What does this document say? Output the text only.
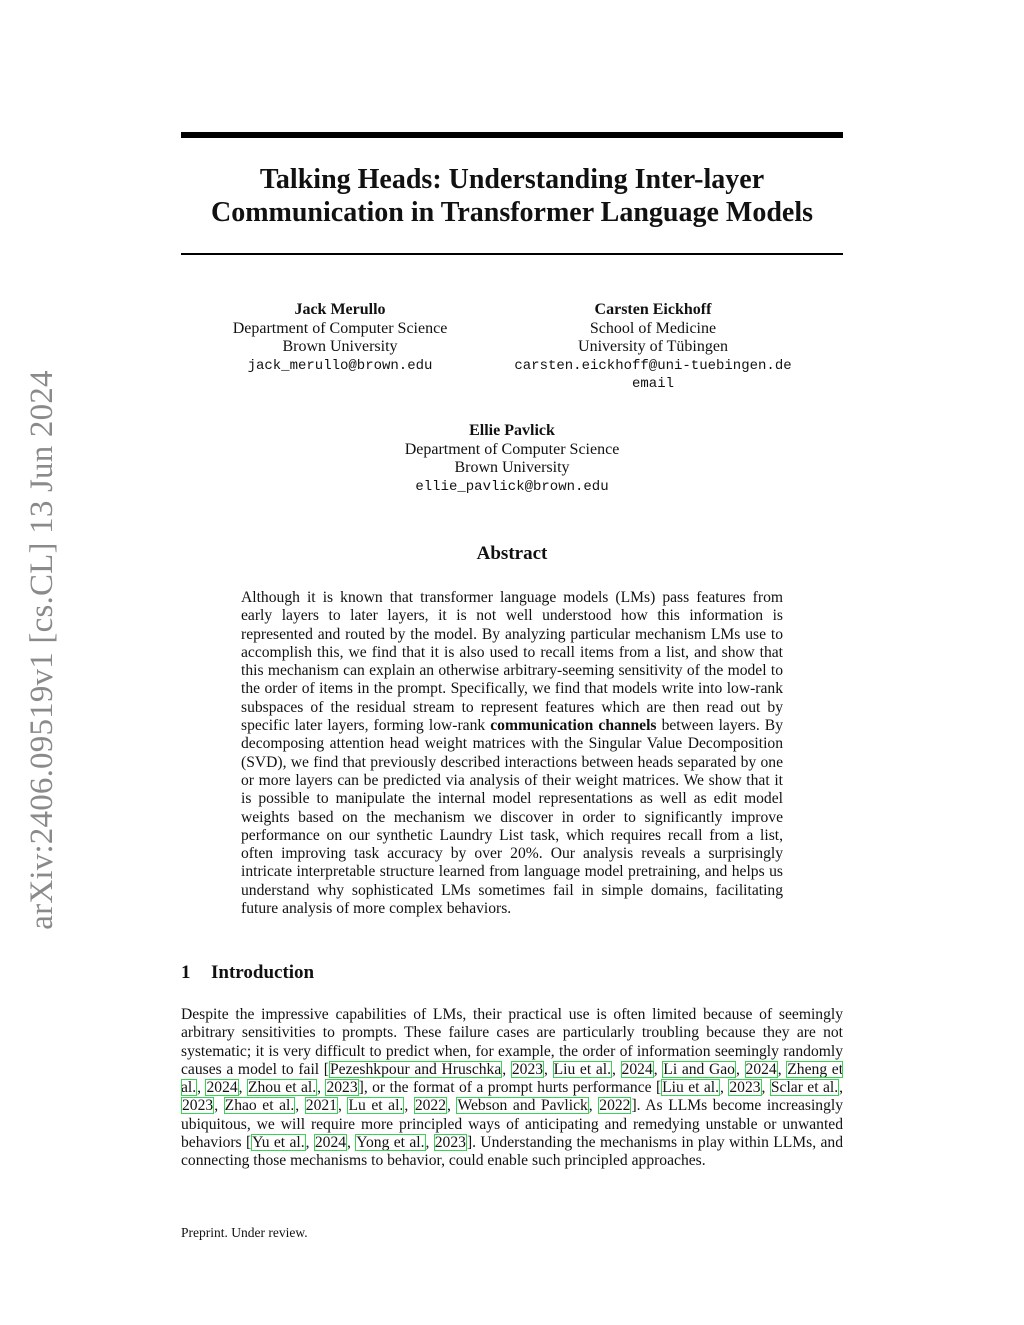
arXiv:2406.09519v1 [cs.CL] 13 Jun 2024
Talking Heads: Understanding Inter-layer
Communication in Transformer Language Models
Jack Merullo
Department of Computer Science
Brown University
jack_merullo@brown.edu
Carsten Eickhoff
School of Medicine
University of Tübingen
carsten.eickhoff@uni-tuebingen.de
email
Ellie Pavlick
Department of Computer Science
Brown University
ellie_pavlick@brown.edu
Abstract
Although it is known that transformer language models (LMs) pass features from early layers to later layers, it is not well understood how this information is represented and routed by the model. By analyzing particular mechanism LMs use to accomplish this, we find that it is also used to recall items from a list, and show that this mechanism can explain an otherwise arbitrary-seeming sensitivity of the model to the order of items in the prompt. Specifically, we find that models write into low-rank subspaces of the residual stream to represent features which are then read out by specific later layers, forming low-rank communication channels between layers. By decomposing attention head weight matrices with the Singular Value Decomposition (SVD), we find that previously described interactions between heads separated by one or more layers can be predicted via analysis of their weight matrices. We show that it is possible to manipulate the internal model representations as well as edit model weights based on the mechanism we discover in order to significantly improve performance on our synthetic Laundry List task, which requires recall from a list, often improving task accuracy by over 20%. Our analysis reveals a surprisingly intricate interpretable structure learned from language model pretraining, and helps us understand why sophisticated LMs sometimes fail in simple domains, facilitating future analysis of more complex behaviors.
1 Introduction
Despite the impressive capabilities of LMs, their practical use is often limited because of seemingly arbitrary sensitivities to prompts. These failure cases are particularly troubling because they are not systematic; it is very difficult to predict when, for example, the order of information seemingly randomly causes a model to fail [Pezeshkpour and Hruschka, 2023, Liu et al., 2024, Li and Gao, 2024, Zheng et al., 2024, Zhou et al., 2023], or the format of a prompt hurts performance [Liu et al., 2023, Sclar et al., 2023, Zhao et al., 2021, Lu et al., 2022, Webson and Pavlick, 2022]. As LLMs become increasingly ubiquitous, we will require more principled ways of anticipating and remedying unstable or unwanted behaviors [Yu et al., 2024, Yong et al., 2023]. Understanding the mechanisms in play within LLMs, and connecting those mechanisms to behavior, could enable such principled approaches.
Preprint. Under review.
